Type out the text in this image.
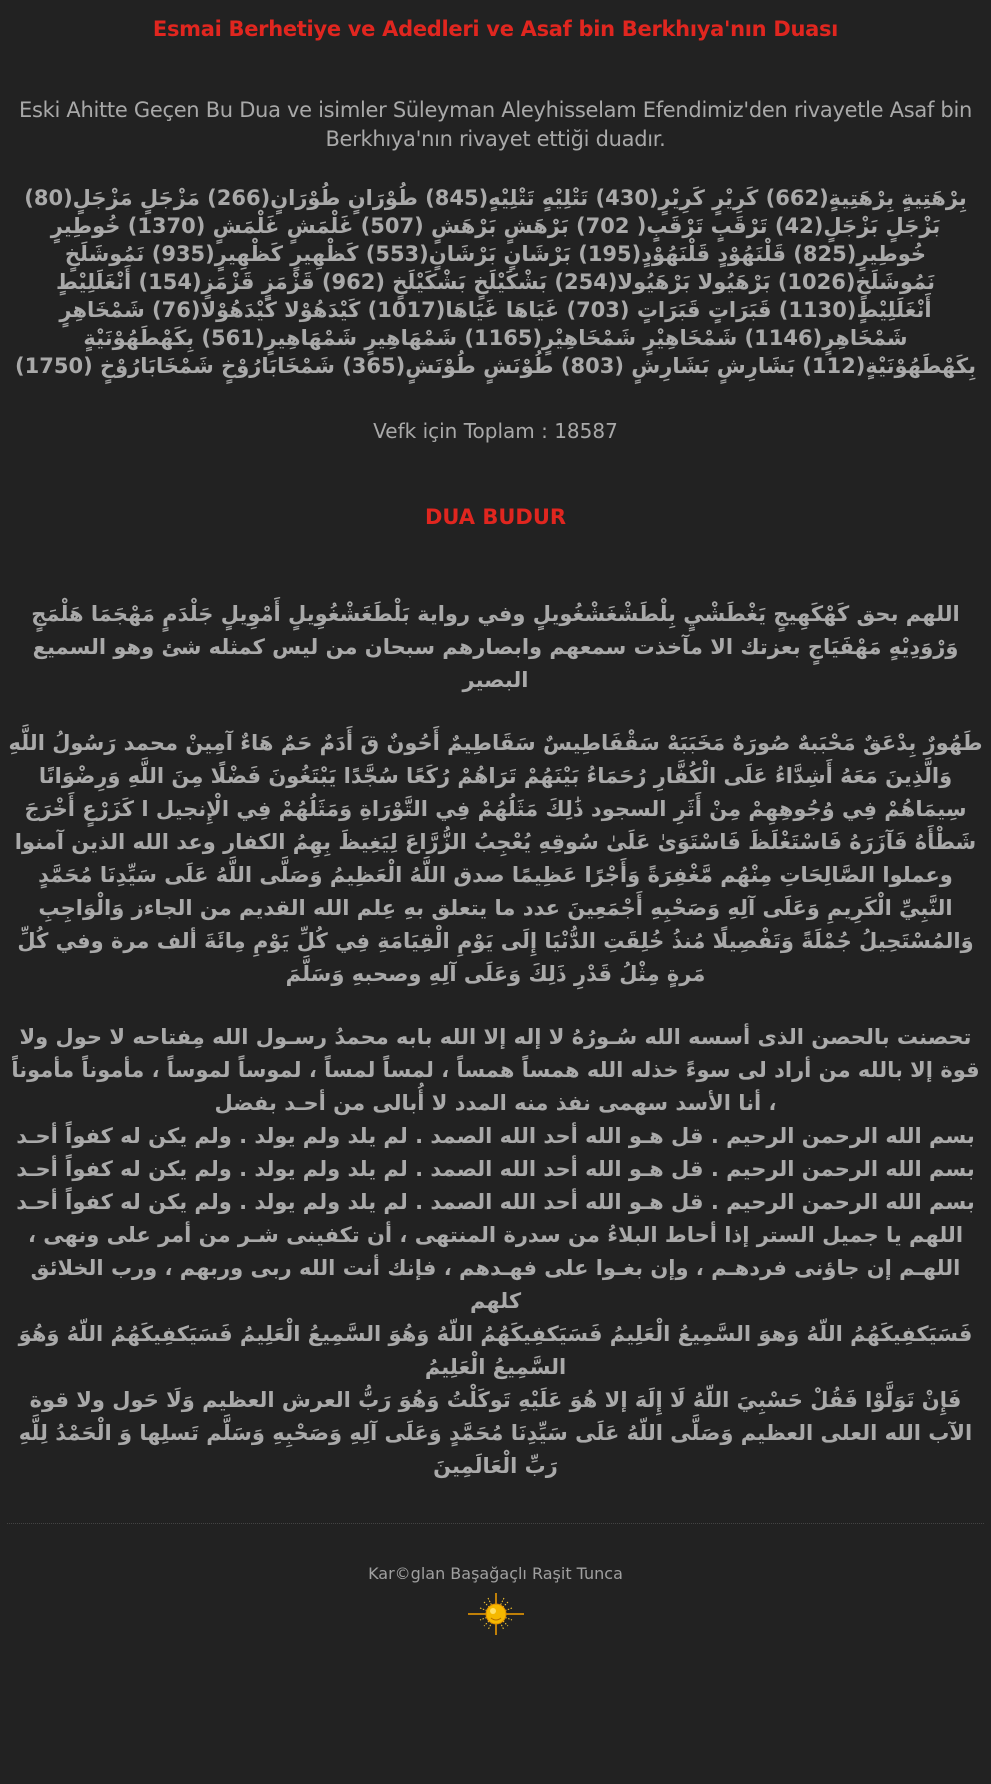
Esmai Berhetiye ve Adedleri ve Asaf bin Berkhıya'nın Duası

Eski Ahitte Geçen Bu Dua ve isimler Süleyman Aleyhisselam Efendimiz'den rivayetle Asaf bin Berkhıya'nın rivayet ettiği duadır.

بِرْهَتِيةٍ بِرْهَتِيةٍ(662) كَرِيْرٍ كَرِيْرٍ(430) تَتْلِيْهٍ تَتْلِيْهٍ(845) طُوْرَانٍ طُوْرَانٍ(266) مَزْجَلٍ مَزْجَلٍ(80) بَزْجَلٍ بَزْجَلٍ(42) تَرْقَبٍ تَرْقَبٍ( 702) بَرْهَشٍ بَرْهَشٍ (507) غَلْمَشٍ غَلْمَشٍ (1370) خُوطِيرٍ خُوطِيرٍ(825) قَلْنَهُوْدٍ قَلْنَهُوْدٍ(195) بَرْشَانٍ بَرْشَانٍ(553) كَظْهِيرٍ كَظْهِيرٍ(935) نَمُوشَلَخٍ نَمُوشَلَخٍ(1026) بَرْهَيُولا بَرْهَيُولا(254) بَشْكَيْلَخٍ بَشْكَيْلَخٍ (962) قَزْمَزٍ قَزْمَزٍ(154) أَنْغَلَلِيْطٍ أَنْغَلَلِيْطٍ(1130) قَبَرَاتٍ قَبَرَاتٍ (703) غَيَاهَا غَيَاهَا(1017) كَيْدَهُوْلا كَيْدَهُوْلا(76) شَمْخَاهِرٍ شَمْخَاهِرٍ(1146) شَمْخَاهِيْرٍ شَمْخَاهِيْرٍ(1165) شَمْهَاهِيرٍ شَمْهَاهِيرٍ(561) بِكَهْطَهُوْنَيْةٍ بِكَهْطَهُوْنَيْةٍ(112) بَشَارِشٍ بَشَارِشٍ (803) طُوْنَشٍ طُوْنَشٍ(365) شَمْخَابَارُوْخٍ شَمْخَابَارُوْخٍ (1750)

Vefk için Toplam : 18587
DUA BUDUR

اللهم بحق كَهْكَهِيجٍ يَغْطَشْيٍ بِلْطَشْغَشْغُويلٍ وفي رواية بَلْطَغَشْغُوِيلٍ أَمْوِيلٍ جَلْدَمٍ مَهْجَمَا هَلْمَجٍ وَرْوَدِيْهٍ مَهْفَيَاجٍ بعزتك الا مآخذت سمعهم وابصارهم سبحان من ليس كمثله شئ وهو السميع البصير

طَهُورٌ بِدْعَقٌ مَحْبَبهٌ صُورَهٌ مَخَبَبَهْ سَقْفَاطِيسٌ سَقَاطِيمٌ أَحُونٌ قَ أَدَمٌ حَمٌ هَاءٌ آمِينْ محمد رَسُولُ اللَّهِ وَالَّذِينَ مَعَهُ أَشِدَّاءُ عَلَى الْكُفَّارِ رُحَمَاءُ بَيْنَهُمْ تَرَاهُمْ رُكَعًا سُجَّدًا يَبْتَغُونَ فَضْلًا مِنَ اللَّهِ وَرِضْوَانًا سِيمَاهُمْ فِي وُجُوهِهِمْ مِنْ أَثَرِ السجود ذَٰلِكَ مَثَلُهُمْ فِي التَّوْرَاةِ وَمَثَلُهُمْ فِي الْإِنجيل ا كَزَرْعٍ أَخْرَجَ شَطْأَهُ فَآزَرَهُ فَاسْتَغْلَظَ فَاسْتَوَىٰ عَلَىٰ سُوقِهِ يُعْجِبُ الزُّرَّاعَ لِيَغِيظَ بِهِمُ الكفار وعد الله الذين آمنوا وعملوا الصَّالِحَاتِ مِنْهُم مَّغْفِرَةً وَأَجْرًا عَظِيمًا صدق اللَّهُ الْعَظِيمُ وَصَلَّى اللَّهُ عَلَى سَيِّدِنَا مُحَمَّدٍ النَّبِيِّ الْكَرِيمِ وَعَلَى آلِهِ وَصَحْبِهِ أَجْمَعِينَ عدد ما يتعلق بهِ عِلم الله القديم من الجاءز وَالْوَاجِبِ وَالمُسْتَحِيلُ جُمْلَةً وَتَفْصِيلًا مُنذُ خُلِقَتِ الدُّنْيَا إِلَى يَوْمِ الْقِيَامَةِ فِي كُلِّ يَوْمِ مِائَةَ ألف مرة وفي كُلِّ مَرةٍ مِثْلُ قَدْرِ ذَلِكَ وَعَلَى آلِهِ وصحبهِ وَسَلَّمَ

تحصنت بالحصن الذى أسسه الله سُـورُهُ لا إله إلا الله بابه محمدُ رسـول الله مِفتاحه لا حول ولا قوة إلا بالله من أراد لى سوءً خذله الله همساً همساً ، لمساً لمساً ، لموساً لموساً ، مأموناً مأموناً ، أنا الأسد سهمى نفذ منه المدد لا أُبالى من أحـد بفضل

بسم الله الرحمن الرحيم . قل هـو الله أحد الله الصمد . لم يلد ولم يولد . ولم يكن له كفواً أحـد بسم الله الرحمن الرحيم . قل هـو الله أحد الله الصمد . لم يلد ولم يولد . ولم يكن له كفواً أحـد

بسم الله الرحمن الرحيم . قل هـو الله أحد الله الصمد . لم يلد ولم يولد . ولم يكن له كفواً أحـد اللهم يا جميل الستر إذا أحاط البلاءُ من سدرة المنتهى ، أن تكفينى شـر من أمر على ونهى ، اللهـم إن جاؤنى فردهـم ، وإن بغـوا على فهـدهم ، فإنك أنت الله ربى وربهم ، ورب الخلائق كلهم

فَسَيَكفِيكَهُمُ اللّهُ وَهوَ السَّمِيعُ الْعَلِيمُ فَسَيَكفِيكَهُمُ اللّهُ وَهُوَ السَّمِيعُ الْعَلِيمُ فَسَيَكفِيكَهُمُ اللّهُ وَهُوَ السَّمِيعُ الْعَلِيمُ

فَإِنْ تَوَلَّوْا فَقُلْ حَسْبِيَ اللّهُ لَا إِلَهَ إلا هُوَ عَلَيْهِ تَوكَلْتُ وَهُوَ رَبُّ العرش العظيم وَلَا حَول ولا قوة الآب الله العلى العظيم وَصَلَّى اللّهُ عَلَى سَيِّدِنَا مُحَمَّدٍ وَعَلَى آلِهِ وَصَحْبِهِ وَسَلَّم تَسلِها وَ الْحَمْدُ لِلَّهِ رَبِّ الْعَالَمِينَ

Kar©glan Başağaçlı Raşit Tunca
